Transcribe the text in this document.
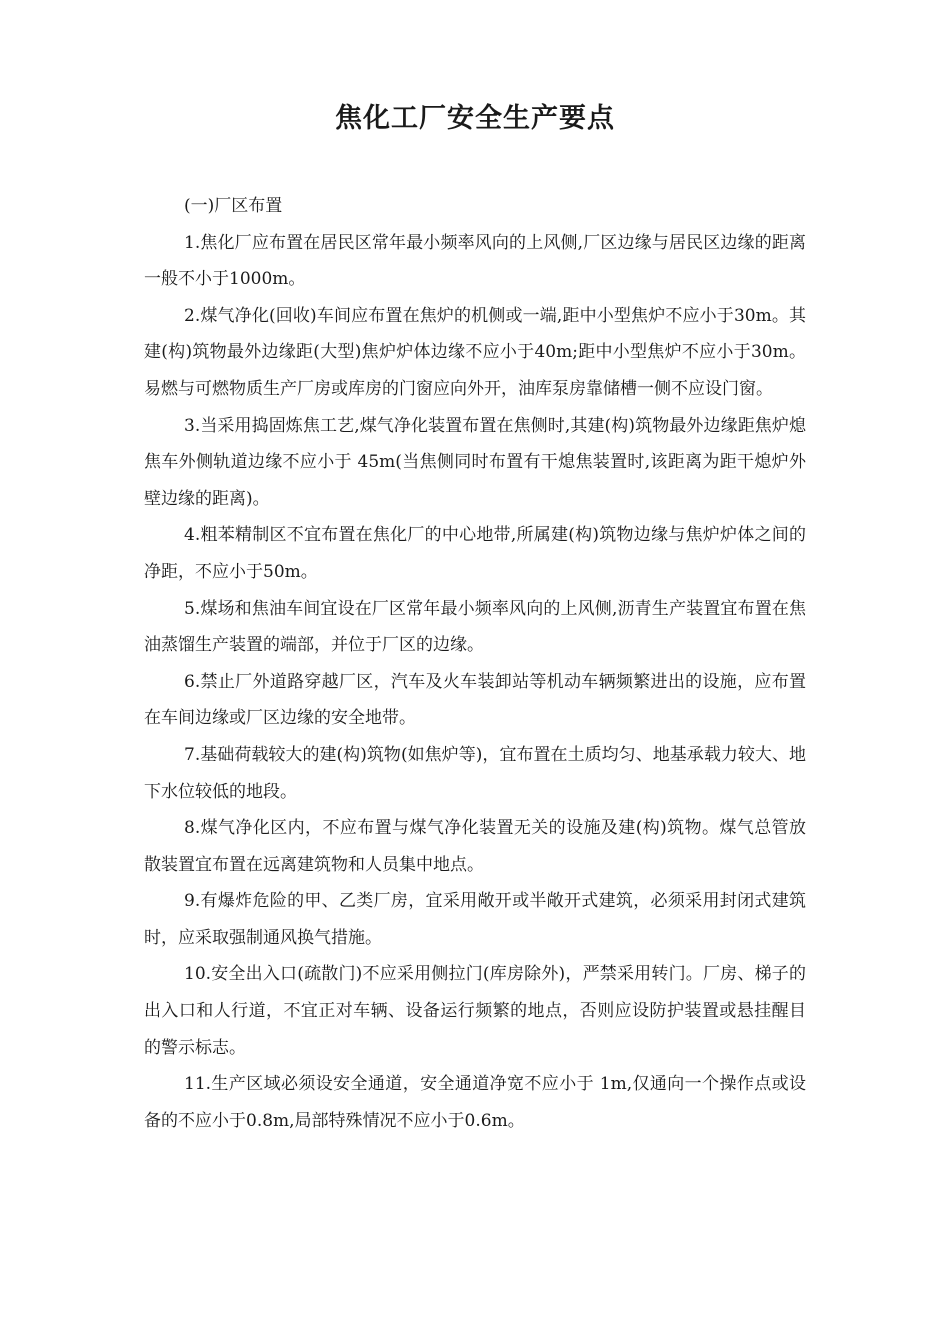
焦化工厂安全生产要点

(一)厂区布置

1.焦化厂应布置在居民区常年最小频率风向的上风侧,厂区边缘与居民区边缘的距离一般不小于1000m。

2.煤气净化(回收)车间应布置在焦炉的机侧或一端,距中小型焦炉不应小于30m。其建(构)筑物最外边缘距(大型)焦炉炉体边缘不应小于40m;距中小型焦炉不应小于30m。易燃与可燃物质生产厂房或库房的门窗应向外开，油库泵房靠储槽一侧不应设门窗。

3.当采用捣固炼焦工艺,煤气净化装置布置在焦侧时,其建(构)筑物最外边缘距焦炉熄焦车外侧轨道边缘不应小于 45m(当焦侧同时布置有干熄焦装置时,该距离为距干熄炉外壁边缘的距离)。

4.粗苯精制区不宜布置在焦化厂的中心地带,所属建(构)筑物边缘与焦炉炉体之间的净距，不应小于50m。

5.煤场和焦油车间宜设在厂区常年最小频率风向的上风侧,沥青生产装置宜布置在焦油蒸馏生产装置的端部，并位于厂区的边缘。

6.禁止厂外道路穿越厂区，汽车及火车装卸站等机动车辆频繁进出的设施，应布置在车间边缘或厂区边缘的安全地带。

7.基础荷载较大的建(构)筑物(如焦炉等)，宜布置在土质均匀、地基承载力较大、地下水位较低的地段。

8.煤气净化区内，不应布置与煤气净化装置无关的设施及建(构)筑物。煤气总管放散装置宜布置在远离建筑物和人员集中地点。

9.有爆炸危险的甲、乙类厂房，宜采用敞开或半敞开式建筑，必须采用封闭式建筑时，应采取强制通风换气措施。

10.安全出入口(疏散门)不应采用侧拉门(库房除外)，严禁采用转门。厂房、梯子的出入口和人行道，不宜正对车辆、设备运行频繁的地点，否则应设防护装置或悬挂醒目的警示标志。

11.生产区域必须设安全通道，安全通道净宽不应小于 1m,仅通向一个操作点或设备的不应小于0.8m,局部特殊情况不应小于0.6m。
